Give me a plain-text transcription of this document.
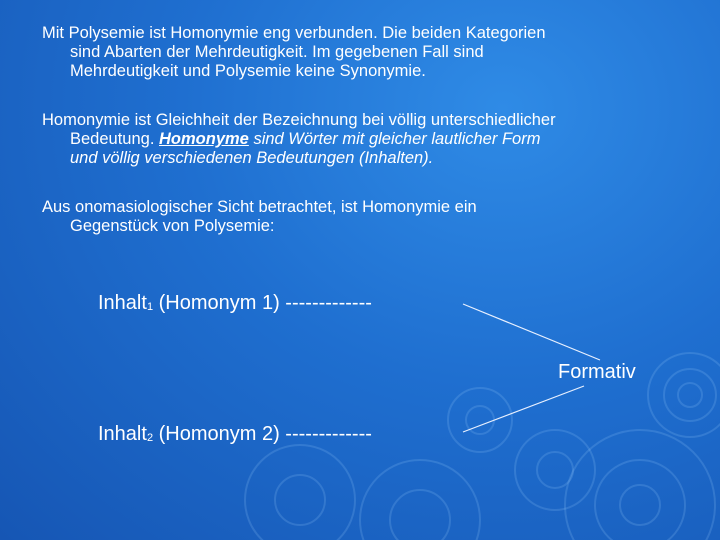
Mit Polysemie ist Homonymie eng verbunden. Die beiden Kategorien
sind Abarten der Mehrdeutigkeit. Im gegebenen Fall sind
Mehrdeutigkeit und Polysemie keine Synonymie.
Homonymie ist Gleichheit der Bezeichnung bei völlig unterschiedlicher
Bedeutung. Homonyme sind Wörter mit gleicher lautlicher Form
und völlig verschiedenen Bedeutungen (Inhalten).
Aus onomasiologischer Sicht betrachtet, ist Homonymie ein
Gegenstück von Polysemie:
Inhalt$_1$ (Homonym 1) -------------
Inhalt$_2$ (Homonym 2) -------------
Formativ
